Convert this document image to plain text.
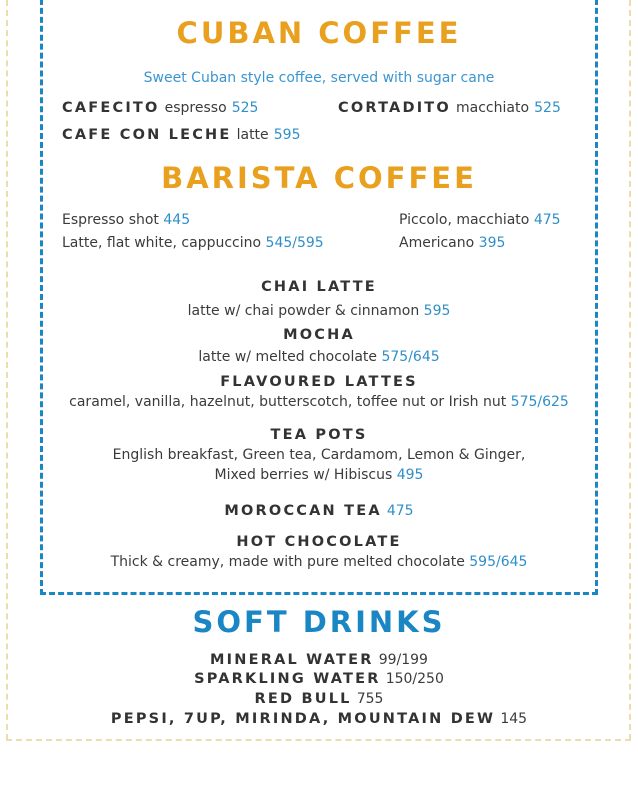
CUBAN COFFEE
Sweet Cuban style coffee, served with sugar cane
CAFECITO espresso 525	CORTADITO macchiato 525
CAFE CON LECHE latte 595
BARISTA COFFEE
Espresso shot 445
Latte, flat white, cappuccino 545/595
Piccolo, macchiato 475
Americano 395
CHAI LATTE
latte w/ chai powder & cinnamon 595
MOCHA
latte w/ melted chocolate 575/645
FLAVOURED LATTES
caramel, vanilla, hazelnut, butterscotch, toffee nut or Irish nut 575/625
TEA POTS
English breakfast, Green tea, Cardamom, Lemon & Ginger,
Mixed berries w/ Hibiscus 495
MOROCCAN TEA 475
HOT CHOCOLATE
Thick & creamy, made with pure melted chocolate 595/645
SOFT DRINKS
MINERAL WATER 99/199
SPARKLING WATER 150/250
RED BULL 755
PEPSI, 7UP, MIRINDA, MOUNTAIN DEW 145
